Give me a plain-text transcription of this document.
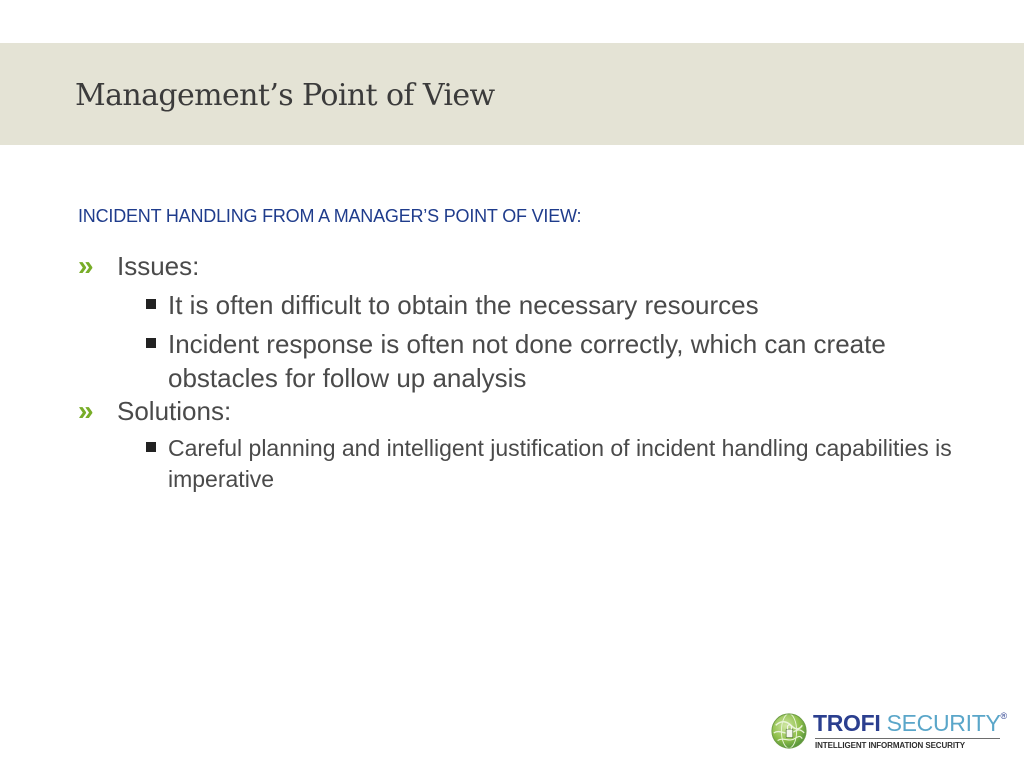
Management’s Point of View

INCIDENT HANDLING FROM A MANAGER’S POINT OF VIEW:

» Issues:
It is often difficult to obtain the necessary resources
Incident response is often not done correctly, which can create obstacles for follow up analysis
» Solutions:
Careful planning and intelligent justification of incident handling capabilities is imperative
TROFI SECURITY®
INTELLIGENT INFORMATION SECURITY
